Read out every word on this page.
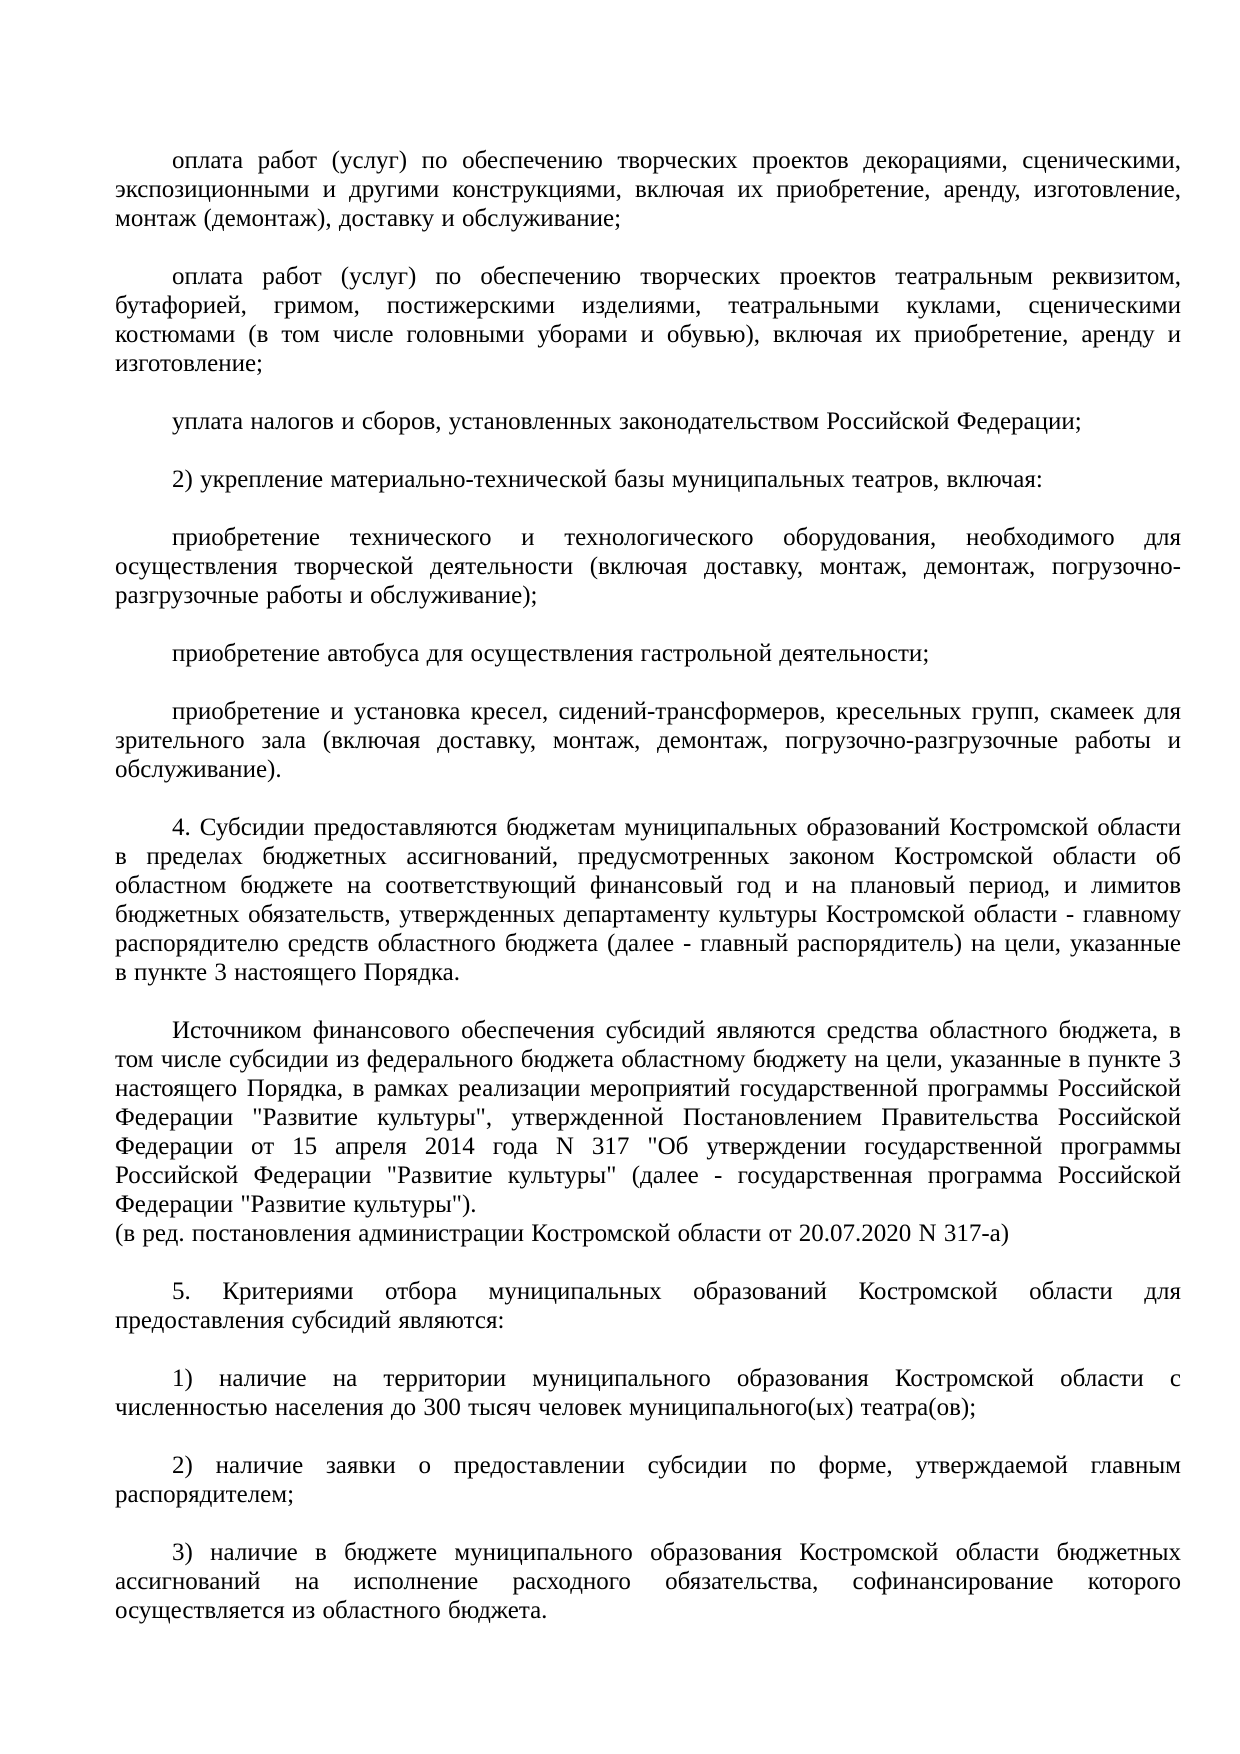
оплата работ (услуг) по обеспечению творческих проектов декорациями, сценическими, экспозиционными и другими конструкциями, включая их приобретение, аренду, изготовление, монтаж (демонтаж), доставку и обслуживание;

оплата работ (услуг) по обеспечению творческих проектов театральным реквизитом, бутафорией, гримом, постижерскими изделиями, театральными куклами, сценическими костюмами (в том числе головными уборами и обувью), включая их приобретение, аренду и изготовление;

уплата налогов и сборов, установленных законодательством Российской Федерации;

2) укрепление материально-технической базы муниципальных театров, включая:

приобретение технического и технологического оборудования, необходимого для осуществления творческой деятельности (включая доставку, монтаж, демонтаж, погрузочно-разгрузочные работы и обслуживание);

приобретение автобуса для осуществления гастрольной деятельности;

приобретение и установка кресел, сидений-трансформеров, кресельных групп, скамеек для зрительного зала (включая доставку, монтаж, демонтаж, погрузочно-разгрузочные работы и обслуживание).

4. Субсидии предоставляются бюджетам муниципальных образований Костромской области в пределах бюджетных ассигнований, предусмотренных законом Костромской области об областном бюджете на соответствующий финансовый год и на плановый период, и лимитов бюджетных обязательств, утвержденных департаменту культуры Костромской области - главному распорядителю средств областного бюджета (далее - главный распорядитель) на цели, указанные в пункте 3 настоящего Порядка.

Источником финансового обеспечения субсидий являются средства областного бюджета, в том числе субсидии из федерального бюджета областному бюджету на цели, указанные в пункте 3 настоящего Порядка, в рамках реализации мероприятий государственной программы Российской Федерации "Развитие культуры", утвержденной Постановлением Правительства Российской Федерации от 15 апреля 2014 года N 317 "Об утверждении государственной программы Российской Федерации "Развитие культуры" (далее - государственная программа Российской Федерации "Развитие культуры").

(в ред. постановления администрации Костромской области от 20.07.2020 N 317-а)

5. Критериями отбора муниципальных образований Костромской области для предоставления субсидий являются:

1) наличие на территории муниципального образования Костромской области с численностью населения до 300 тысяч человек муниципального(ых) театра(ов);

2) наличие заявки о предоставлении субсидии по форме, утверждаемой главным распорядителем;

3) наличие в бюджете муниципального образования Костромской области бюджетных ассигнований на исполнение расходного обязательства, софинансирование которого осуществляется из областного бюджета.
